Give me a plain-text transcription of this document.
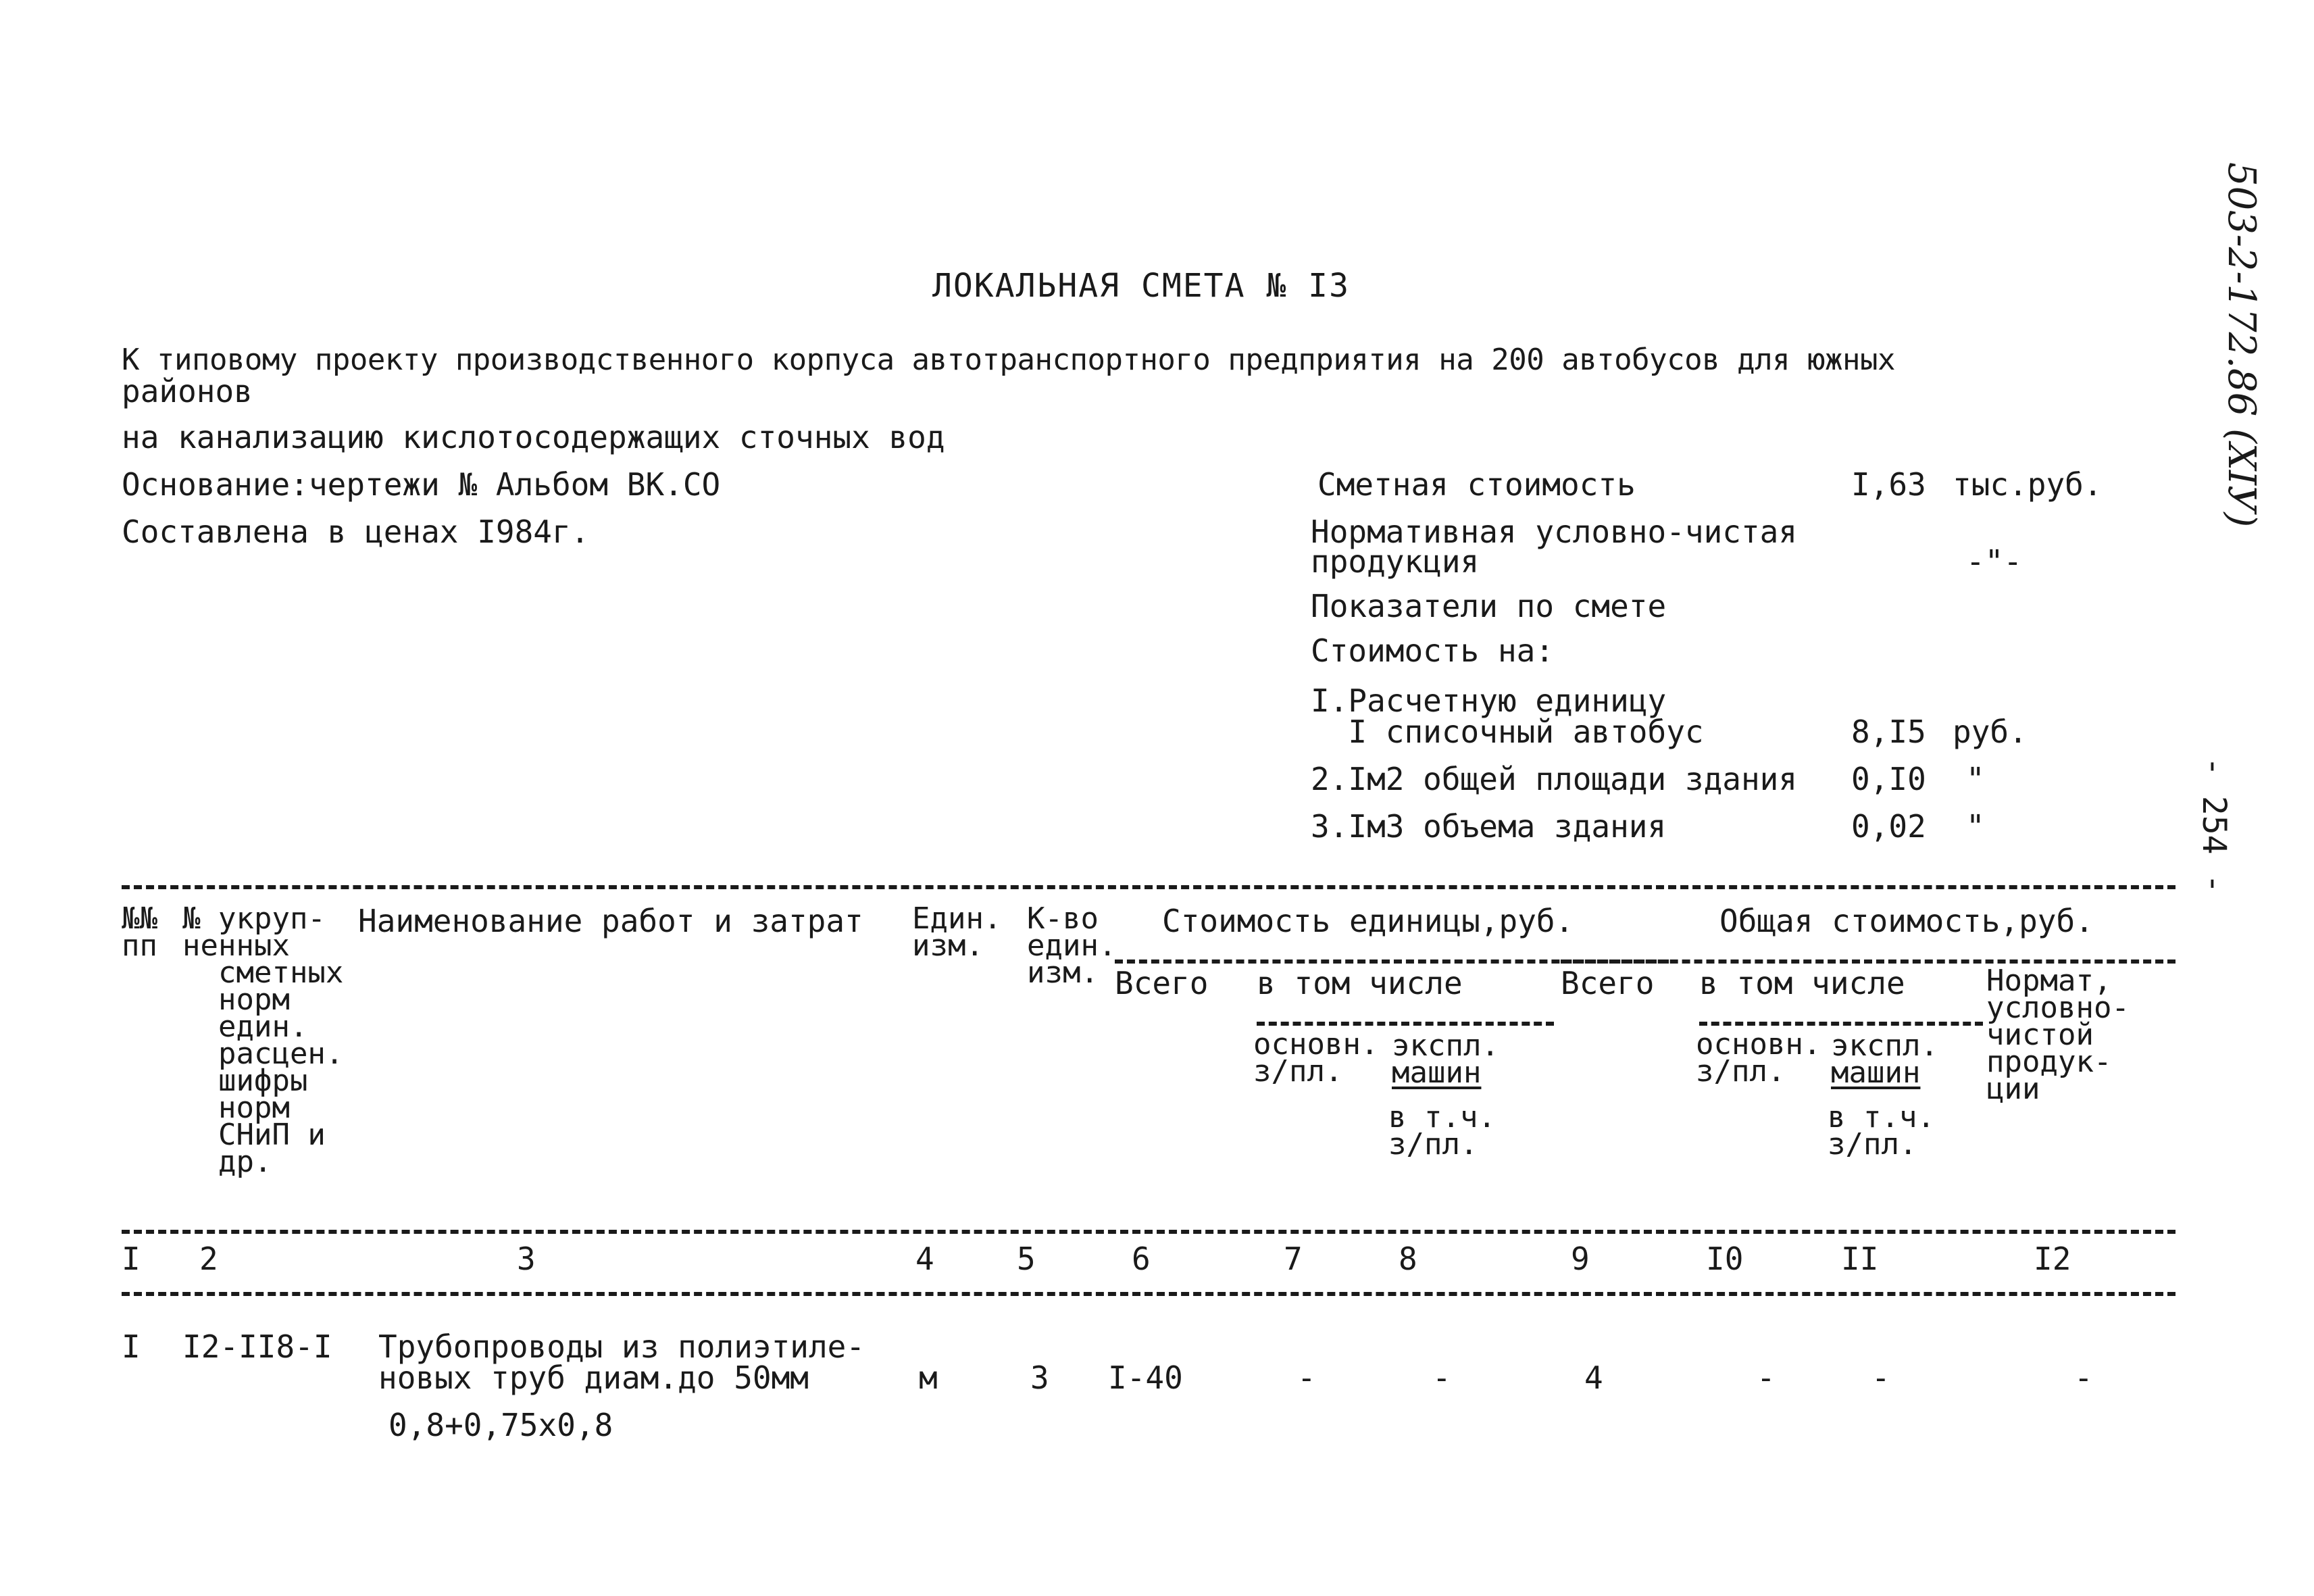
503-2-172.86 (XIУ)
- 254 -
ЛОКАЛЬНАЯ СМЕТА № I3
К типовому проекту производственного корпуса автотранспортного предприятия на 200 автобусов для южных
районов
на канализацию кислотосодержащих сточных вод
Основание:чертежи № Альбом ВК.СО
Составлена в ценах I984г.
Сметная стоимость	I,63 тыс.руб.
Нормативная условно-чистая
продукция	-"-
Показатели по смете
Стоимость на:
I.Расчетную единицу
I списочный автобус	8,I5 руб.
2.Iм2 общей площади здания 0,I0 "
3.Iм3 объема здания	0,02 "
№№
пп
№ укруп-
ненных
сметных
норм
един.
расцен.
шифры
норм
СНиП и
др.
Наименование работ и затрат Един.
изм.
К-во
един.
изм.
Стоимость единицы,руб.
Всего в том числе
основн.
з/пл.
экспл.
машин
в т.ч.
з/пл.
Общая стоимость,руб.
Всего в том числе
основн.
з/пл.
экспл.
машин
в т.ч.
з/пл.
Нормат,
условно-
чистой
продук-
ции
I 2	3	4	5	6	7	8	9	I0	II	I2
I I2-II8-I Трубопроводы из полиэтиле-
новых труб диам.до 50мм
0,8+0,75х0,8
м	3 I-40	-	-	4	-	-	-
